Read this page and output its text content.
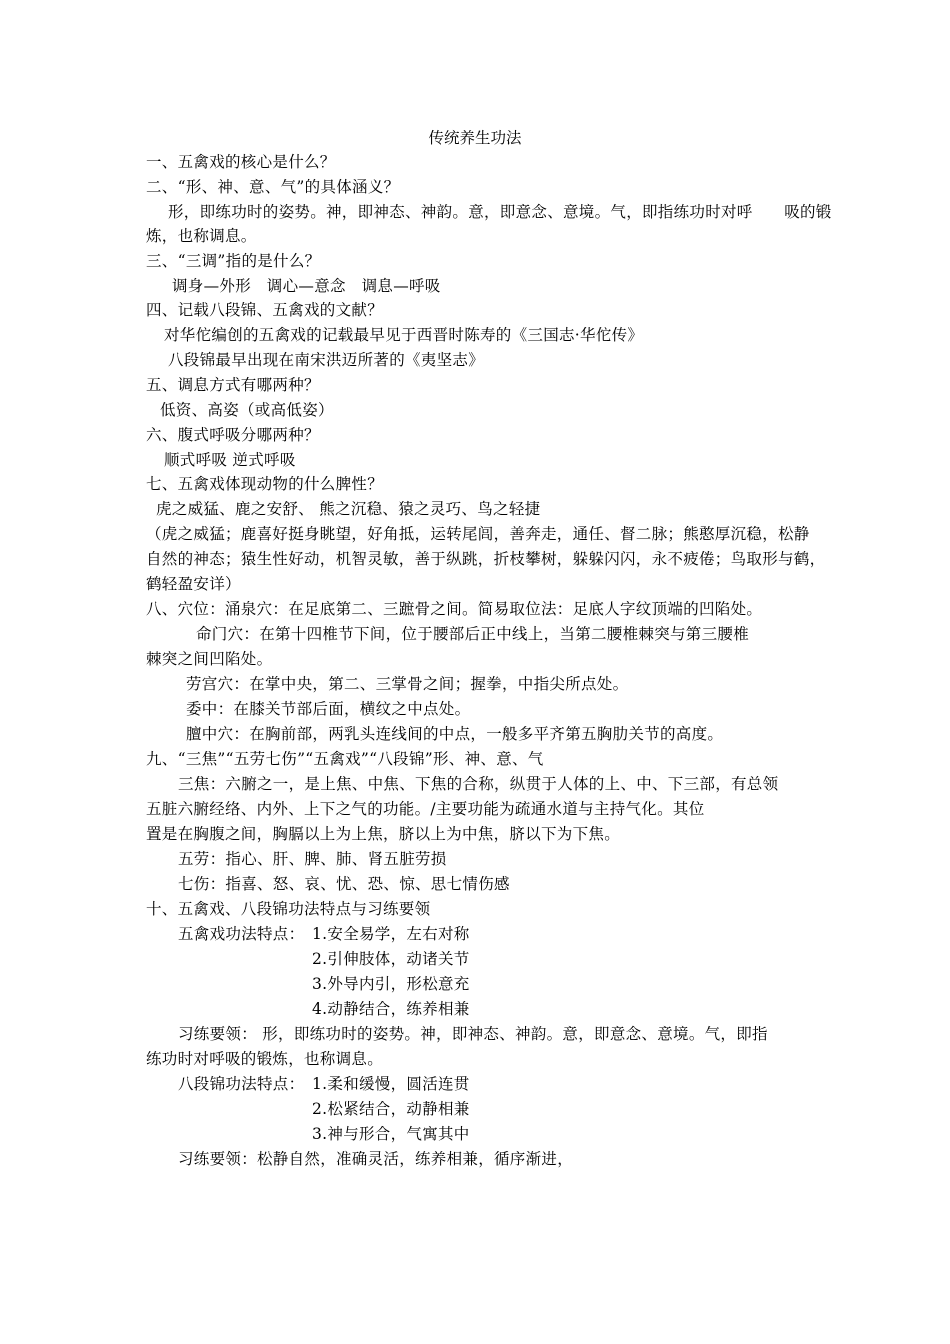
传统养生功法
一、五禽戏的核心是什么？
二、“形、神、意、气”的具体涵义？
形，即练功时的姿势。神，即神态、神韵。意，即意念、意境。气，即指练功时对呼　　吸的锻
炼，也称调息。
三、“三调”指的是什么？
调身—外形　调心—意念　调息—呼吸
四、记载八段锦、五禽戏的文献？
对华佗编创的五禽戏的记载最早见于西晋时陈寿的《三国志·华佗传》
八段锦最早出现在南宋洪迈所著的《夷坚志》
五、调息方式有哪两种？
低资、高姿（或高低姿）
六、腹式呼吸分哪两种？
顺式呼吸 逆式呼吸
七、五禽戏体现动物的什么脾性？
虎之威猛、鹿之安舒、 熊之沉稳、猿之灵巧、鸟之轻捷
（虎之威猛；鹿喜好挺身眺望，好角抵，运转尾闾，善奔走，通任、督二脉；熊憨厚沉稳，松静
自然的神态；猿生性好动，机智灵敏，善于纵跳，折枝攀树，躲躲闪闪，永不疲倦；鸟取形与鹤，
鹤轻盈安详）
八、穴位：涌泉穴：在足底第二、三蹠骨之间。简易取位法：足底人字纹顶端的凹陷处。
命门穴：在第十四椎节下间，位于腰部后正中线上，当第二腰椎棘突与第三腰椎
棘突之间凹陷处。
劳宫穴：在掌中央，第二、三掌骨之间；握拳，中指尖所点处。
委中：在膝关节部后面，横纹之中点处。
膻中穴：在胸前部，两乳头连线间的中点，一般多平齐第五胸肋关节的高度。
九、“三焦”“五劳七伤”“五禽戏”“八段锦”形、神、意、气
三焦：六腑之一，是上焦、中焦、下焦的合称，纵贯于人体的上、中、下三部，有总领
五脏六腑经络、内外、上下之气的功能。/主要功能为疏通水道与主持气化。其位
置是在胸腹之间，胸膈以上为上焦，脐以上为中焦，脐以下为下焦。
五劳：指心、肝、脾、肺、肾五脏劳损
七伤：指喜、怒、哀、忧、恐、惊、思七情伤感
十、五禽戏、八段锦功法特点与习练要领
五禽戏功法特点： 1.安全易学，左右对称
2.引伸肢体，动诸关节
3.外导内引，形松意充
4.动静结合，练养相兼
习练要领： 形，即练功时的姿势。神，即神态、神韵。意，即意念、意境。气，即指
练功时对呼吸的锻炼，也称调息。
八段锦功法特点： 1.柔和缓慢，圆活连贯
2.松紧结合，动静相兼
3.神与形合，气寓其中
习练要领：松静自然，准确灵活，练养相兼，循序渐进，
